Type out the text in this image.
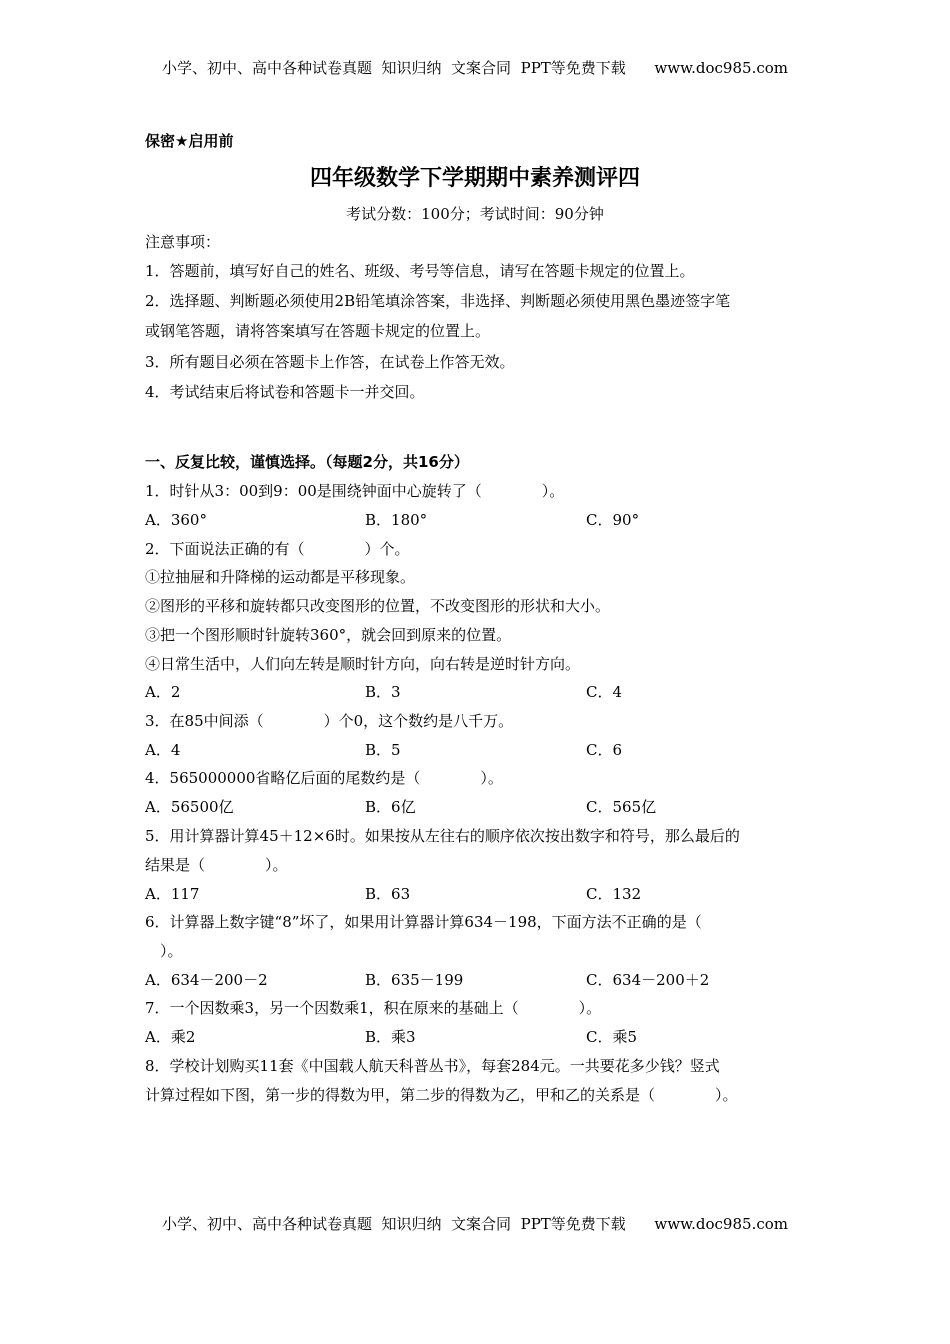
小学、初中、高中各种试卷真题  知识归纳  文案合同  PPT等免费下载      www.doc985.com
保密★启用前
四年级数学下学期期中素养测评四
考试分数：100分；考试时间：90分钟
注意事项：
1．答题前，填写好自己的姓名、班级、考号等信息，请写在答题卡规定的位置上。
2．选择题、判断题必须使用2B铅笔填涂答案，非选择、判断题必须使用黑色墨迹签字笔
或钢笔答题，请将答案填写在答题卡规定的位置上。
3．所有题目必须在答题卡上作答，在试卷上作答无效。
4．考试结束后将试卷和答题卡一并交回。
一、反复比较，谨慎选择。（每题2分，共16分）
1．时针从3：00到9：00是围绕钟面中心旋转了（　　　　）。
A．360°	B．180°	C．90°
2．下面说法正确的有（　　　　）个。
①拉抽屉和升降梯的运动都是平移现象。
②图形的平移和旋转都只改变图形的位置，不改变图形的形状和大小。
③把一个图形顺时针旋转360°，就会回到原来的位置。
④日常生活中，人们向左转是顺时针方向，向右转是逆时针方向。
A．2	B．3	C．4
3．在85中间添（　　　　）个0，这个数约是八千万。
A．4	B．5	C．6
4．565000000省略亿后面的尾数约是（　　　　）。
A．56500亿	B．6亿	C．565亿
5．用计算器计算45＋12×6时。如果按从左往右的顺序依次按出数字和符号，那么最后的
结果是（　　　　）。
A．117	B．63	C．132
6．计算器上数字键“8”坏了，如果用计算器计算634－198，下面方法不正确的是（
　）。
A．634－200－2	B．635－199	C．634－200＋2
7．一个因数乘3，另一个因数乘1，积在原来的基础上（　　　　）。
A．乘2	B．乘3	C．乘5
8．学校计划购买11套《中国载人航天科普丛书》，每套284元。一共要花多少钱？竖式
计算过程如下图，第一步的得数为甲，第二步的得数为乙，甲和乙的关系是（　　　　）。
小学、初中、高中各种试卷真题  知识归纳  文案合同  PPT等免费下载      www.doc985.com
